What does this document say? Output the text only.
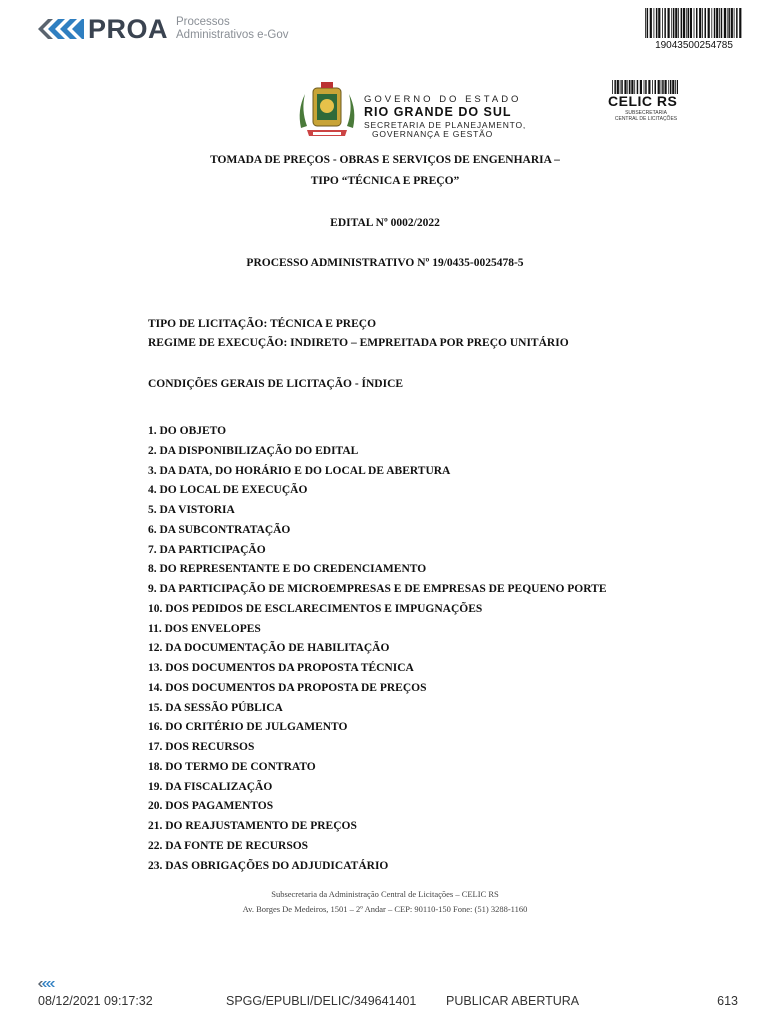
PROA Processos
Administrativos e-Gov
19043500254785
GOVERNO DO ESTADO
RIO GRANDE DO SUL
SECRETARIA DE PLANEJAMENTO,
GOVERNANÇA E GESTÃO
CELIC RS
SUBSECRETARIA
CENTRAL DE LICITAÇÕES
TOMADA DE PREÇOS - OBRAS E SERVIÇOS DE ENGENHARIA –
TIPO “TÉCNICA E PREÇO”
EDITAL Nº 0002/2022
PROCESSO ADMINISTRATIVO Nº 19/0435-0025478-5
TIPO DE LICITAÇÃO: TÉCNICA E PREÇO
REGIME DE EXECUÇÃO: INDIRETO – EMPREITADA POR PREÇO UNITÁRIO
CONDIÇÕES GERAIS DE LICITAÇÃO - ÍNDICE
1. DO OBJETO
2. DA DISPONIBILIZAÇÃO DO EDITAL
3. DA DATA, DO HORÁRIO E DO LOCAL DE ABERTURA
4. DO LOCAL DE EXECUÇÃO
5. DA VISTORIA
6. DA SUBCONTRATAÇÃO
7. DA PARTICIPAÇÃO
8. DO REPRESENTANTE E DO CREDENCIAMENTO
9. DA PARTICIPAÇÃO DE MICROEMPRESAS E DE EMPRESAS DE PEQUENO PORTE
10. DOS PEDIDOS DE ESCLARECIMENTOS E IMPUGNAÇÕES
11. DOS ENVELOPES
12. DA DOCUMENTAÇÃO DE HABILITAÇÃO
13. DOS DOCUMENTOS DA PROPOSTA TÉCNICA
14. DOS DOCUMENTOS DA PROPOSTA DE PREÇOS
15. DA SESSÃO PÚBLICA
16. DO CRITÉRIO DE JULGAMENTO
17. DOS RECURSOS
18. DO TERMO DE CONTRATO
19. DA FISCALIZAÇÃO
20. DOS PAGAMENTOS
21. DO REAJUSTAMENTO DE PREÇOS
22. DA FONTE DE RECURSOS
23. DAS OBRIGAÇÕES DO ADJUDICATÁRIO
Subsecretaria da Administração Central de Licitações – CELIC RS
Av. Borges De Medeiros, 1501 – 2º Andar – CEP: 90110-150 Fone: (51) 3288-1160
08/12/2021 09:17:32	SPGG/EPUBLI/DELIC/349641401 PUBLICAR ABERTURA	613
